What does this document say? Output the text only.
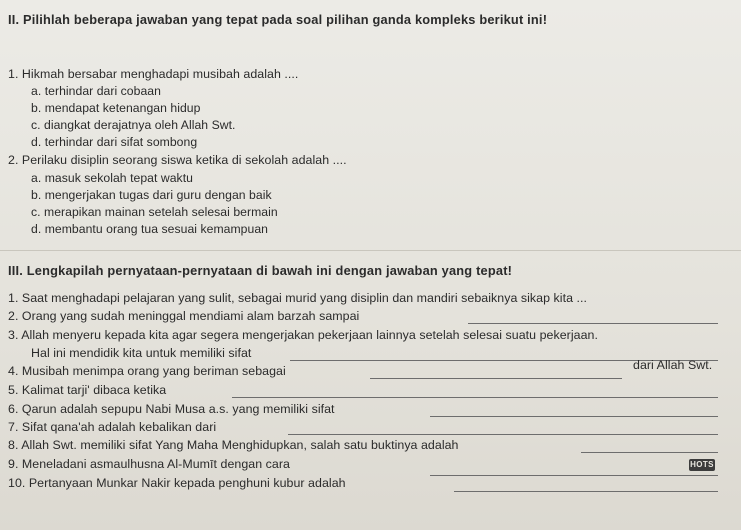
II. Pilihlah beberapa jawaban yang tepat pada soal pilihan ganda kompleks berikut ini!
1. Hikmah bersabar menghadapi musibah adalah ....
a. terhindar dari cobaan
b. mendapat ketenangan hidup
c. diangkat derajatnya oleh Allah Swt.
d. terhindar dari sifat sombong
2. Perilaku disiplin seorang siswa ketika di sekolah adalah ....
a. masuk sekolah tepat waktu
b. mengerjakan tugas dari guru dengan baik
c. merapikan mainan setelah selesai bermain
d. membantu orang tua sesuai kemampuan
III. Lengkapilah pernyataan-pernyataan di bawah ini dengan jawaban yang tepat!
1. Saat menghadapi pelajaran yang sulit, sebagai murid yang disiplin dan mandiri sebaiknya sikap kita ...
2. Orang yang sudah meninggal mendiami alam barzah sampai
3. Allah menyeru kepada kita agar segera mengerjakan pekerjaan lainnya setelah selesai suatu pekerjaan.
Hal ini mendidik kita untuk memiliki sifat
4. Musibah menimpa orang yang beriman sebagai	dari Allah Swt.
5. Kalimat tarji' dibaca ketika
6. Qarun adalah sepupu Nabi Musa a.s. yang memiliki sifat
7. Sifat qana'ah adalah kebalikan dari
8. Allah Swt. memiliki sifat Yang Maha Menghidupkan, salah satu buktinya adalah
HOTS
9. Meneladani asmaulhusna Al-Mumīt dengan cara
10. Pertanyaan Munkar Nakir kepada penghuni kubur adalah
